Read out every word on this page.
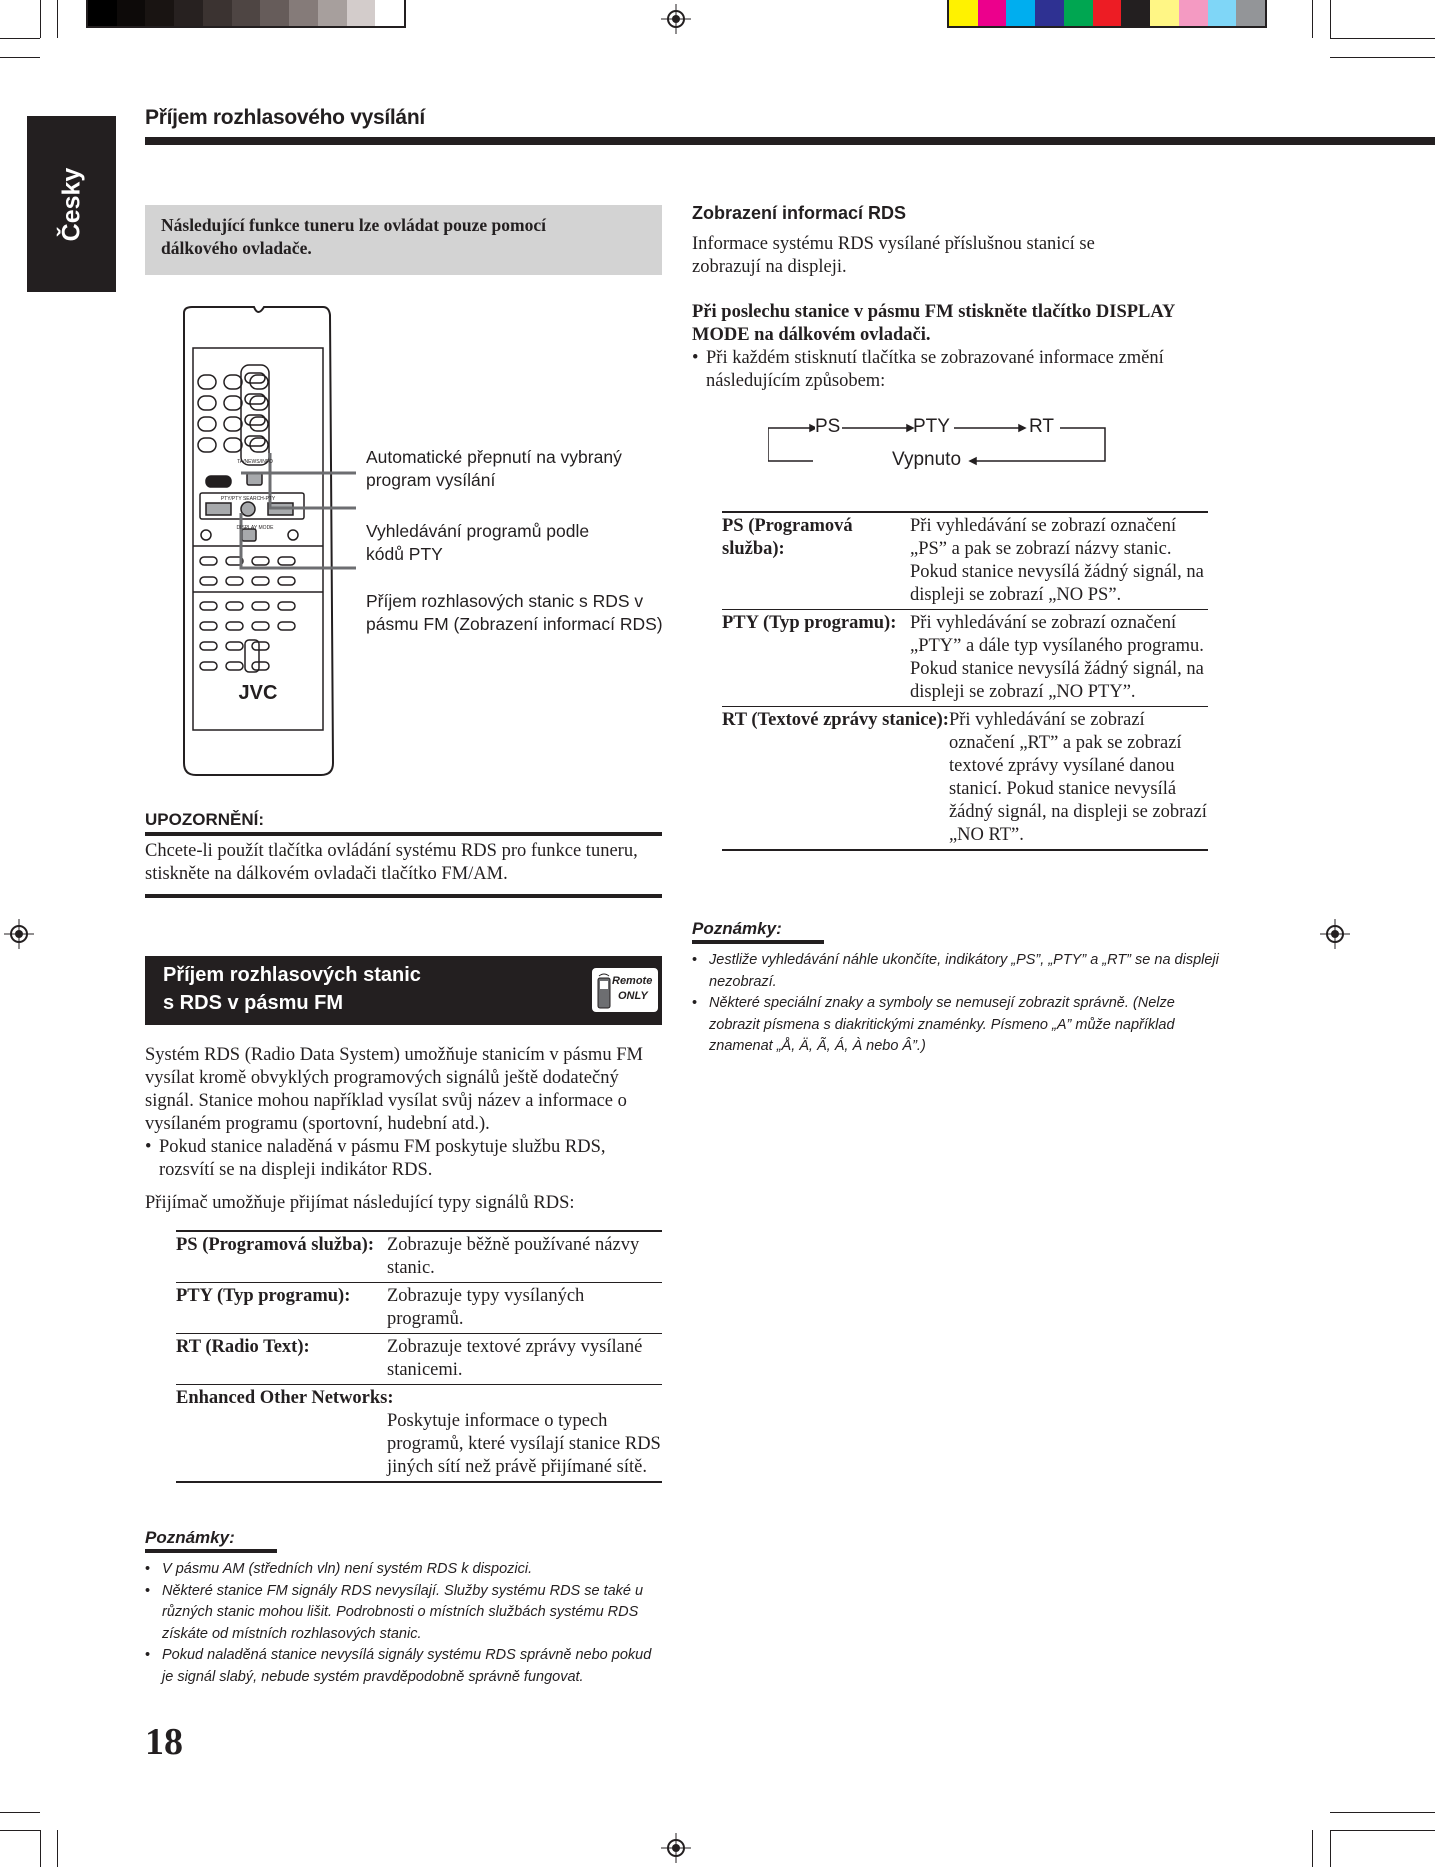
Česky
Příjem rozhlasového vysílání
Následující funkce tuneru lze ovládat pouze pomocí dálkového ovladače.
JVC
TA/NEWS/INFO
PTY/PTY SEARCH-PTY
DISPLAY MODE
Automatické přepnutí na vybraný program vysílání
Vyhledávání programů podle kódů PTY
Příjem rozhlasových stanic s RDS v pásmu FM (Zobrazení informací RDS)
UPOZORNĚNÍ:
Chcete-li použít tlačítka ovládání systému RDS pro funkce tuneru, stiskněte na dálkovém ovladači tlačítko FM/AM.
Příjem rozhlasových stanic
s RDS v pásmu FM
Remote
ONLY
Systém RDS (Radio Data System) umožňuje stanicím v pásmu FM vysílat kromě obvyklých programových signálů ještě dodatečný signál. Stanice mohou například vysílat svůj název a informace o vysílaném programu (sportovní, hudební atd.).
• Pokud stanice naladěná v pásmu FM poskytuje službu RDS, rozsvítí se na displeji indikátor RDS.
Přijímač umožňuje přijímat následující typy signálů RDS:
PS (Programová služba): Zobrazuje běžně používané názvy stanic.
PTY (Typ programu):	Zobrazuje typy vysílaných programů.
RT (Radio Text):	Zobrazuje textové zprávy vysílané stanicemi.
Enhanced Other Networks:
Poskytuje informace o typech programů, které vysílají stanice RDS jiných sítí než právě přijímané sítě.
Poznámky:
• V pásmu AM (středních vln) není systém RDS k dispozici.
• Některé stanice FM signály RDS nevysílají. Služby systému RDS se také u různých stanic mohou lišit. Podrobnosti o místních službách systému RDS získáte od místních rozhlasových stanic.
• Pokud naladěná stanice nevysílá signály systému RDS správně nebo pokud je signál slabý, nebude systém pravděpodobně správně fungovat.
18
Zobrazení informací RDS
Informace systému RDS vysílané příslušnou stanicí se zobrazují na displeji.
Při poslechu stanice v pásmu FM stiskněte tlačítko DISPLAY MODE na dálkovém ovladači.
• Při každém stisknutí tlačítka se zobrazované informace změní následujícím způsobem:
PS	PTY	RT
Vypnuto
PS (Programová služba):
Při vyhledávání se zobrazí označení „PS” a pak se zobrazí názvy stanic. Pokud stanice nevysílá žádný signál, na displeji se zobrazí „NO PS”.
PTY (Typ programu): Při vyhledávání se zobrazí označení „PTY” a dále typ vysílaného programu. Pokud stanice nevysílá žádný signál, na displeji se zobrazí „NO PTY”.
RT (Textové zprávy stanice): Při vyhledávání se zobrazí označení „RT” a pak se zobrazí textové zprávy vysílané danou stanicí. Pokud stanice nevysílá žádný signál, na displeji se zobrazí „NO RT”.
Poznámky:
• Jestliže vyhledávání náhle ukončíte, indikátory „PS”, „PTY” a „RT” se na displeji nezobrazí.
• Některé speciální znaky a symboly se nemusejí zobrazit správně. (Nelze zobrazit písmena s diakritickými znaménky. Písmeno „A” může například znamenat „Å, Ä, Ã, Á, À nebo Â”.)
